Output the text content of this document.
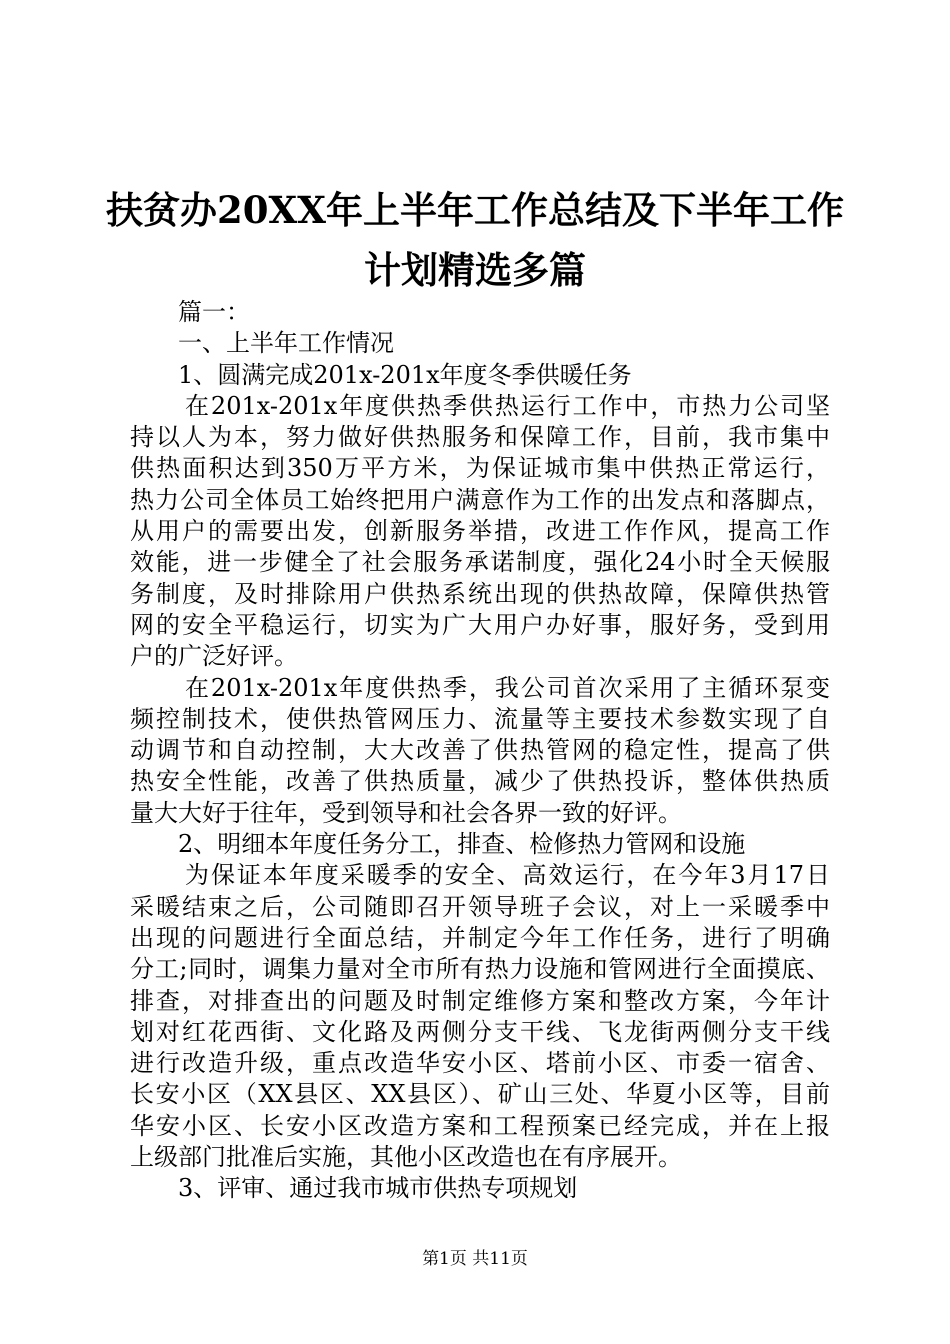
扶贫办20XX年上半年工作总结及下半年工作
计划精选多篇
篇一：
一、上半年工作情况
1、圆满完成201x-201x年度冬季供暖任务
在201x-201x年度供热季供热运行工作中，市热力公司坚
持以人为本，努力做好供热服务和保障工作，目前，我市集中
供热面积达到350万平方米，为保证城市集中供热正常运行，
热力公司全体员工始终把用户满意作为工作的出发点和落脚点，
从用户的需要出发，创新服务举措，改进工作作风，提高工作
效能，进一步健全了社会服务承诺制度，强化24小时全天候服
务制度，及时排除用户供热系统出现的供热故障，保障供热管
网的安全平稳运行，切实为广大用户办好事，服好务，受到用
户的广泛好评。
在201x-201x年度供热季，我公司首次采用了主循环泵变
频控制技术，使供热管网压力、流量等主要技术参数实现了自
动调节和自动控制，大大改善了供热管网的稳定性，提高了供
热安全性能，改善了供热质量，减少了供热投诉，整体供热质
量大大好于往年，受到领导和社会各界一致的好评。
2、明细本年度任务分工，排查、检修热力管网和设施
为保证本年度采暖季的安全、高效运行，在今年3月17日
采暖结束之后，公司随即召开领导班子会议，对上一采暖季中
出现的问题进行全面总结，并制定今年工作任务，进行了明确
分工;同时，调集力量对全市所有热力设施和管网进行全面摸底、
排查，对排查出的问题及时制定维修方案和整改方案，今年计
划对红花西街、文化路及两侧分支干线、飞龙街两侧分支干线
进行改造升级，重点改造华安小区、塔前小区、市委一宿舍、
长安小区（XX县区、XX县区）、矿山三处、华夏小区等，目前
华安小区、长安小区改造方案和工程预案已经完成，并在上报
上级部门批准后实施，其他小区改造也在有序展开。
3、评审、通过我市城市供热专项规划
第1页 共11页
